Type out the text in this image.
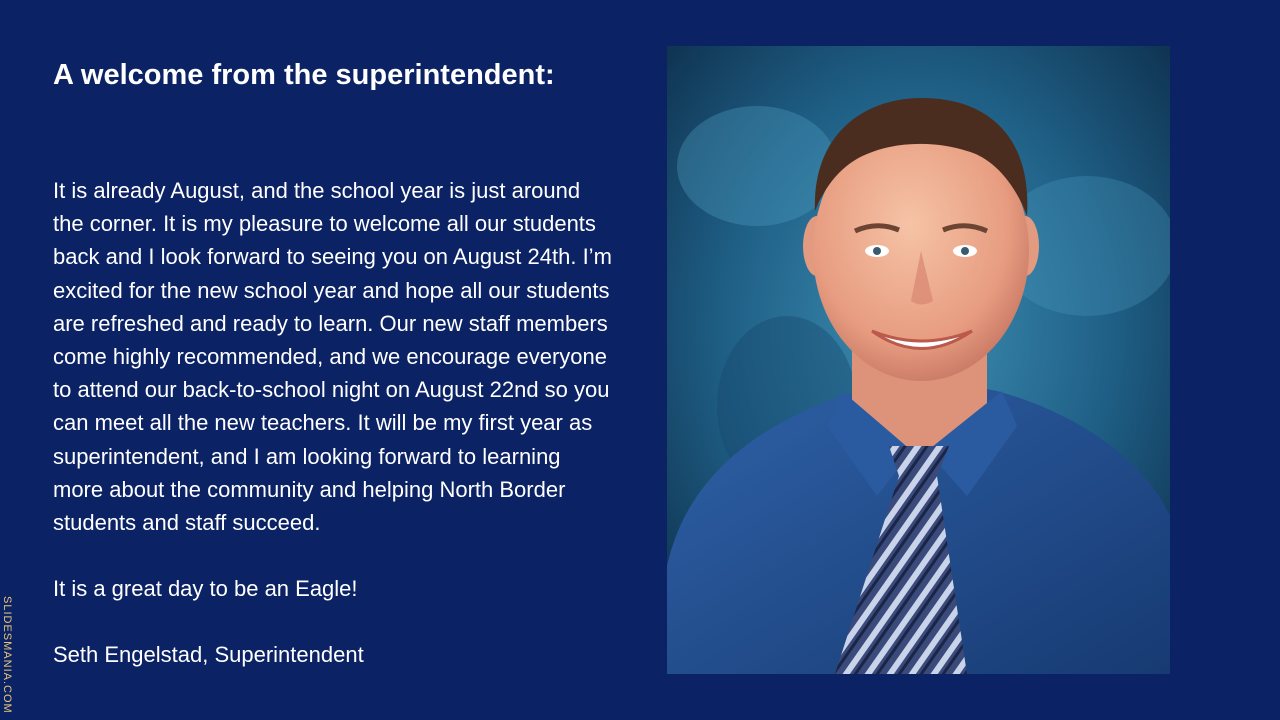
A welcome from the superintendent:

It is already August, and the school year is just around the corner. It is my pleasure to welcome all our students back and I look forward to seeing you on August 24th. I’m excited for the new school year and hope all our students are refreshed and ready to learn. Our new staff members come highly recommended, and we encourage everyone to attend our back-to-school night on August 22nd so you can meet all the new teachers. It will be my first year as superintendent, and I am looking forward to learning more about the community and helping North Border students and staff succeed.

It is a great day to be an Eagle!

Seth Engelstad, Superintendent

SLIDESMANIA.COM
